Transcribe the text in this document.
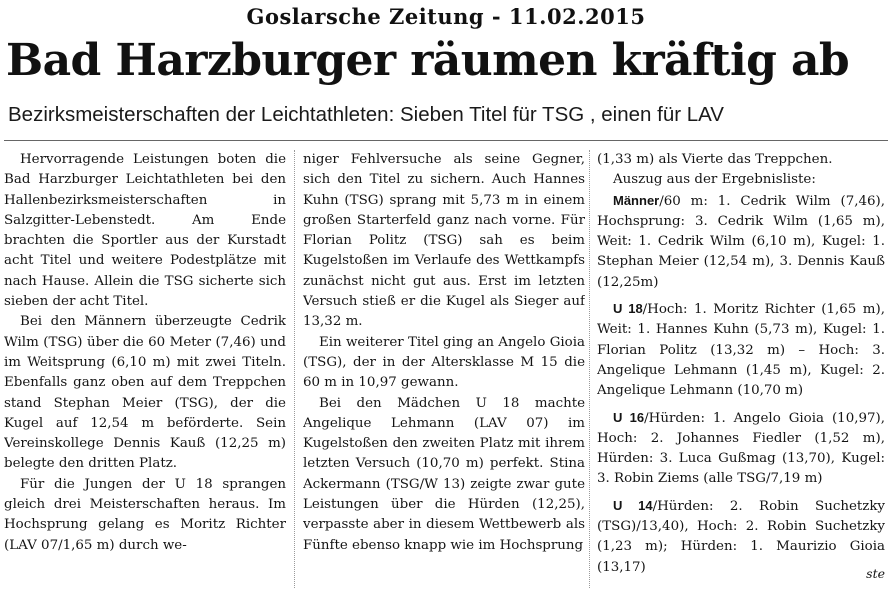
Goslarsche Zeitung - 11.02.2015
Bad Harzburger räumen kräftig ab
Bezirksmeisterschaften der Leichtathleten: Sieben Titel für TSG , einen für LAV

Hervorragende Leistungen boten die Bad Harzburger Leichtathleten bei den Hallenbezirksmeisterschaften in Salzgitter-Lebenstedt. Am Ende brachten die Sportler aus der Kurstadt acht Titel und weitere Podestplätze mit nach Hause. Allein die TSG sicherte sich sieben der acht Titel.

Bei den Männern überzeugte Cedrik Wilm (TSG) über die 60 Meter (7,46) und im Weitsprung (6,10 m) mit zwei Titeln. Ebenfalls ganz oben auf dem Treppchen stand Stephan Meier (TSG), der die Kugel auf 12,54 m beförderte. Sein Vereinskollege Dennis Kauß (12,25 m) belegte den dritten Platz.

Für die Jungen der U 18 sprangen gleich drei Meisterschaften heraus. Im Hochsprung gelang es Moritz Richter (LAV 07/1,65 m) durch we-

niger Fehlversuche als seine Gegner, sich den Titel zu sichern. Auch Hannes Kuhn (TSG) sprang mit 5,73 m in einem großen Starterfeld ganz nach vorne. Für Florian Politz (TSG) sah es beim Kugelstoßen im Verlaufe des Wettkampfs zunächst nicht gut aus. Erst im letzten Versuch stieß er die Kugel als Sieger auf 13,32 m.

Ein weiterer Titel ging an Angelo Gioia (TSG), der in der Altersklasse M 15 die 60 m in 10,97 gewann.

Bei den Mädchen U 18 machte Angelique Lehmann (LAV 07) im Kugelstoßen den zweiten Platz mit ihrem letzten Versuch (10,70 m) perfekt. Stina Ackermann (TSG/W 13) zeigte zwar gute Leistungen über die Hürden (12,25), verpasste aber in diesem Wettbewerb als Fünfte ebenso knapp wie im Hochsprung

(1,33 m) als Vierte das Treppchen.

Auszug aus der Ergebnisliste:

Männer/60 m: 1. Cedrik Wilm (7,46), Hochsprung: 3. Cedrik Wilm (1,65 m), Weit: 1. Cedrik Wilm (6,10 m), Kugel: 1. Stephan Meier (12,54 m), 3. Dennis Kauß (12,25m)

U 18/Hoch: 1. Moritz Richter (1,65 m), Weit: 1. Hannes Kuhn (5,73 m), Kugel: 1. Florian Politz (13,32 m) – Hoch: 3. Angelique Lehmann (1,45 m), Kugel: 2. Angelique Lehmann (10,70 m)

U 16/Hürden: 1. Angelo Gioia (10,97), Hoch: 2. Johannes Fiedler (1,52 m), Hürden: 3. Luca Gußmag (13,70), Kugel: 3. Robin Ziems (alle TSG/7,19 m)

U 14/Hürden: 2. Robin Suchetzky (TSG)/13,40), Hoch: 2. Robin Suchetzky (1,23 m); Hürden: 1. Maurizio Gioia (13,17)	ste
